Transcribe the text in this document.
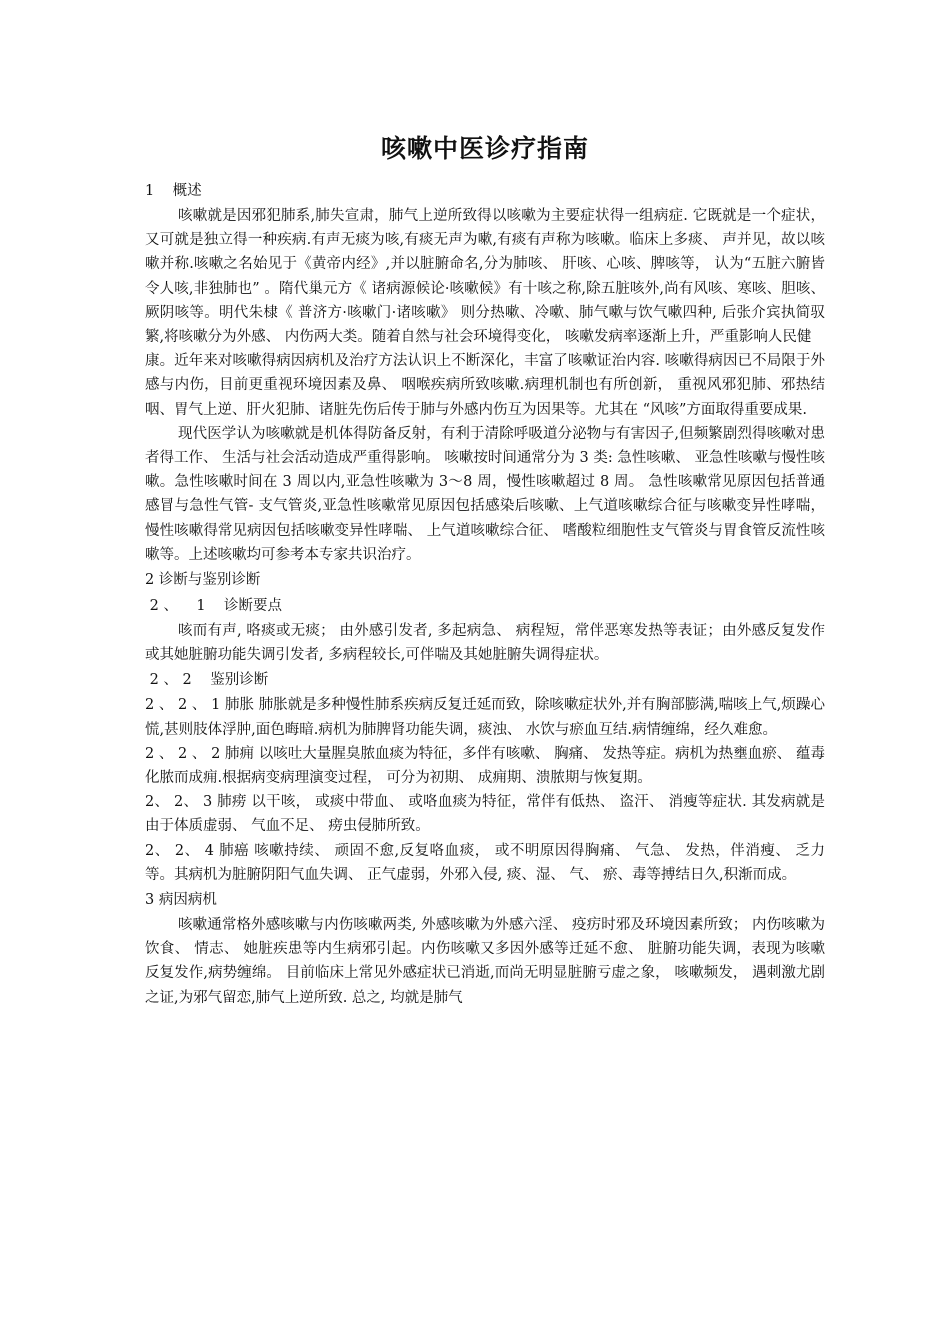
咳嗽中医诊疗指南
1    概述

咳嗽就是因邪犯肺系,肺失宣肃，肺气上逆所致得以咳嗽为主要症状得一组病症. 它既就是一个症状，又可就是独立得一种疾病.有声无痰为咳,有痰无声为嗽,有痰有声称为咳嗽。临床上多痰、 声并见，故以咳嗽并称.咳嗽之名始见于《黄帝内经》,并以脏腑命名,分为肺咳、 肝咳、心咳、脾咳等， 认为“五脏六腑皆令人咳,非独肺也” 。隋代巢元方《 诸病源候论·咳嗽候》有十咳之称,除五脏咳外,尚有风咳、寒咳、胆咳、厥阴咳等。明代朱棣《 普济方·咳嗽门·诸咳嗽》 则分热嗽、冷嗽、肺气嗽与饮气嗽四种, 后张介宾执简驭繁,将咳嗽分为外感、 内伤两大类。随着自然与社会环境得变化， 咳嗽发病率逐渐上升，严重影响人民健

康。近年来对咳嗽得病因病机及治疗方法认识上不断深化，丰富了咳嗽证治内容. 咳嗽得病因已不局限于外感与内伤，目前更重视环境因素及鼻、 咽喉疾病所致咳嗽.病理机制也有所创新， 重视风邪犯肺、邪热结咽、胃气上逆、肝火犯肺、诸脏先伤后传于肺与外感内伤互为因果等。尤其在 “风咳”方面取得重要成果.

现代医学认为咳嗽就是机体得防备反射，有利于清除呼吸道分泌物与有害因子,但频繁剧烈得咳嗽对患者得工作、 生活与社会活动造成严重得影响。 咳嗽按时间通常分为 3 类: 急性咳嗽、 亚急性咳嗽与慢性咳嗽。急性咳嗽时间在 3 周以内,亚急性咳嗽为 3～8 周，慢性咳嗽超过 8 周。 急性咳嗽常见原因包括普通感冒与急性气管- 支气管炎,亚急性咳嗽常见原因包括感染后咳嗽、上气道咳嗽综合征与咳嗽变异性哮喘， 慢性咳嗽得常见病因包括咳嗽变异性哮喘、 上气道咳嗽综合征、 嗜酸粒细胞性支气管炎与胃食管反流性咳嗽等。上述咳嗽均可参考本专家共识治疗。

2 诊断与鉴别诊断
2 、    1    诊断要点

咳而有声, 咯痰或无痰； 由外感引发者, 多起病急、 病程短，常伴恶寒发热等表证；由外感反复发作或其她脏腑功能失调引发者, 多病程较长,可伴喘及其她脏腑失调得症状。

2 、 2    鉴别诊断

2 、 2 、 1 肺胀 肺胀就是多种慢性肺系疾病反复迁延而致，除咳嗽症状外,并有胸部膨满,喘咳上气,烦躁心慌,甚则肢体浮肿,面色晦暗.病机为肺脾肾功能失调，痰浊、 水饮与瘀血互结.病情缠绵，经久难愈。

2 、 2 、 2 肺痈 以咳吐大量腥臭脓血痰为特征，多伴有咳嗽、 胸痛、 发热等症。病机为热壅血瘀、 蕴毒化脓而成痈.根据病变病理演变过程， 可分为初期、 成痈期、溃脓期与恢复期。

2、 2、 3 肺痨 以干咳， 或痰中带血、 或咯血痰为特征，常伴有低热、 盗汗、 消瘦等症状. 其发病就是由于体质虚弱、 气血不足、 痨虫侵肺所致。

2、 2、 4 肺癌 咳嗽持续、 顽固不愈,反复咯血痰， 或不明原因得胸痛、 气急、 发热，伴消瘦、 乏力等。其病机为脏腑阴阳气血失调、 正气虚弱，外邪入侵, 痰、湿、 气、 瘀、毒等搏结日久,积渐而成。

3 病因病机

咳嗽通常格外感咳嗽与内伤咳嗽两类, 外感咳嗽为外感六淫、 疫疠时邪及环境因素所致； 内伤咳嗽为饮食、 情志、 她脏疾患等内生病邪引起。内伤咳嗽又多因外感等迁延不愈、 脏腑功能失调，表现为咳嗽反复发作,病势缠绵。 目前临床上常见外感症状已消逝,而尚无明显脏腑亏虚之象， 咳嗽频发， 遇刺激尤剧之证,为邪气留恋,肺气上逆所致. 总之, 均就是肺气
